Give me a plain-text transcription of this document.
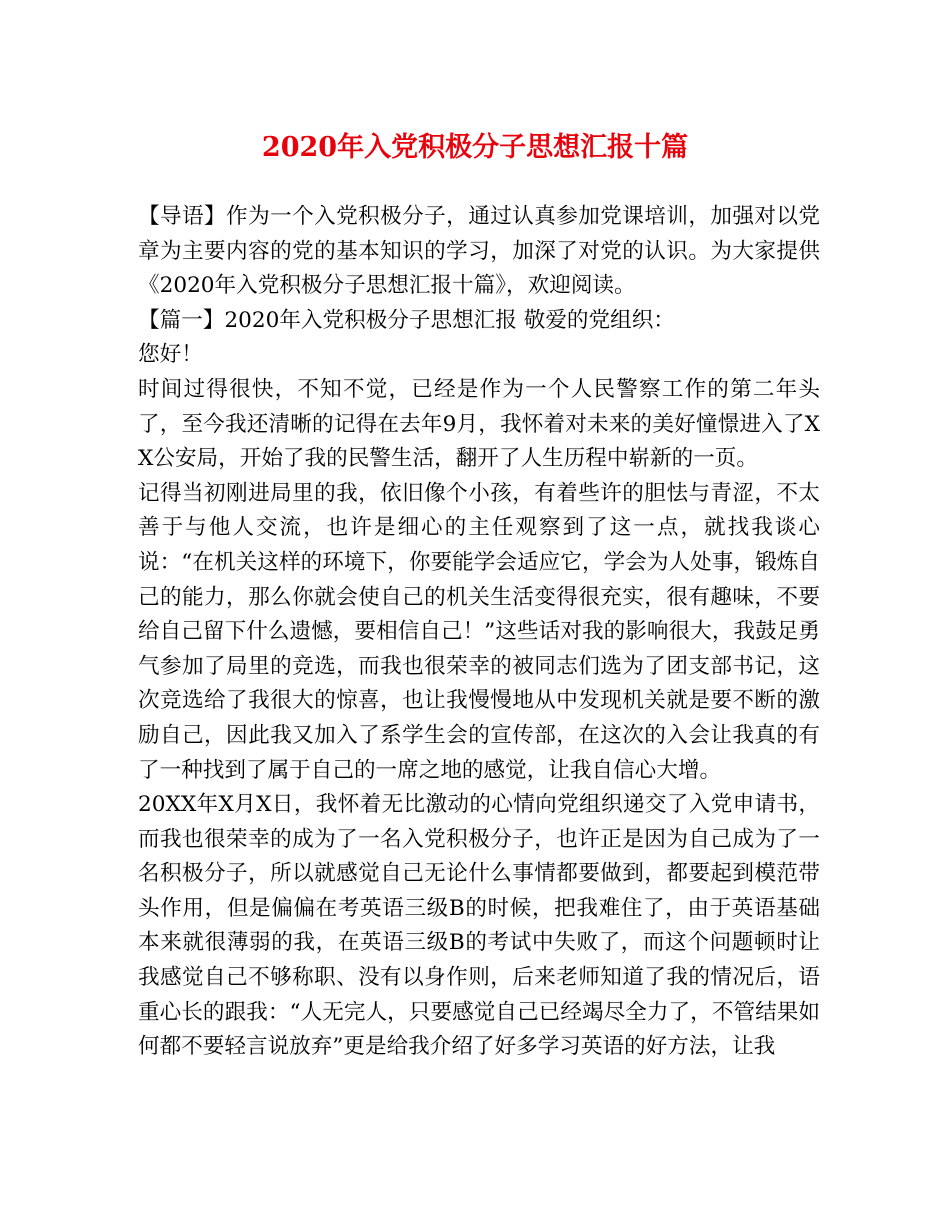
2020年入党积极分子思想汇报十篇

【导语】作为一个入党积极分子，通过认真参加党课培训，加强对以党章为主要内容的党的基本知识的学习，加深了对党的认识。为大家提供《2020年入党积极分子思想汇报十篇》，欢迎阅读。

【篇一】2020年入党积极分子思想汇报 敬爱的党组织：

您好！

时间过得很快，不知不觉，已经是作为一个人民警察工作的第二年头了，至今我还清晰的记得在去年9月，我怀着对未来的美好憧憬进入了XX公安局，开始了我的民警生活，翻开了人生历程中崭新的一页。

记得当初刚进局里的我，依旧像个小孩，有着些许的胆怯与青涩，不太善于与他人交流，也许是细心的主任观察到了这一点，就找我谈心说：“在机关这样的环境下，你要能学会适应它，学会为人处事，锻炼自己的能力，那么你就会使自己的机关生活变得很充实，很有趣味，不要给自己留下什么遗憾，要相信自己！”这些话对我的影响很大，我鼓足勇气参加了局里的竞选，而我也很荣幸的被同志们选为了团支部书记，这次竞选给了我很大的惊喜，也让我慢慢地从中发现机关就是要不断的激励自己，因此我又加入了系学生会的宣传部，在这次的入会让我真的有了一种找到了属于自己的一席之地的感觉，让我自信心大增。

20XX年X月X日，我怀着无比激动的心情向党组织递交了入党申请书，而我也很荣幸的成为了一名入党积极分子，也许正是因为自己成为了一名积极分子，所以就感觉自己无论什么事情都要做到，都要起到模范带头作用，但是偏偏在考英语三级B的时候，把我难住了，由于英语基础本来就很薄弱的我，在英语三级B的考试中失败了，而这个问题顿时让我感觉自己不够称职、没有以身作则，后来老师知道了我的情况后，语重心长的跟我：“人无完人，只要感觉自己已经竭尽全力了，不管结果如何都不要轻言说放弃”更是给我介绍了好多学习英语的好方法，让我
